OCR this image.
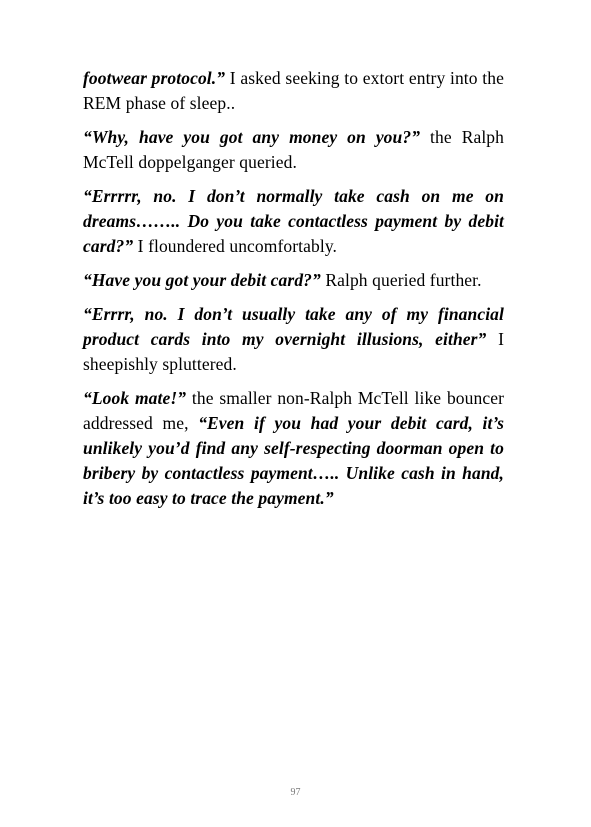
footwear protocol.” I asked seeking to extort entry into the REM phase of sleep..

“Why, have you got any money on you?” the Ralph McTell doppelganger queried.

“Errrrr, no. I don’t normally take cash on me on dreams…….. Do you take contactless payment by debit card?” I floundered uncomfortably.

“Have you got your debit card?” Ralph queried further.

“Errrr, no. I don’t usually take any of my financial product cards into my overnight illusions, either” I sheepishly spluttered.

“Look mate!” the smaller non-Ralph McTell like bouncer addressed me, “Even if you had your debit card, it’s unlikely you’d find any self-respecting doorman open to bribery by contactless payment….. Unlike cash in hand, it’s too easy to trace the payment.”

97
